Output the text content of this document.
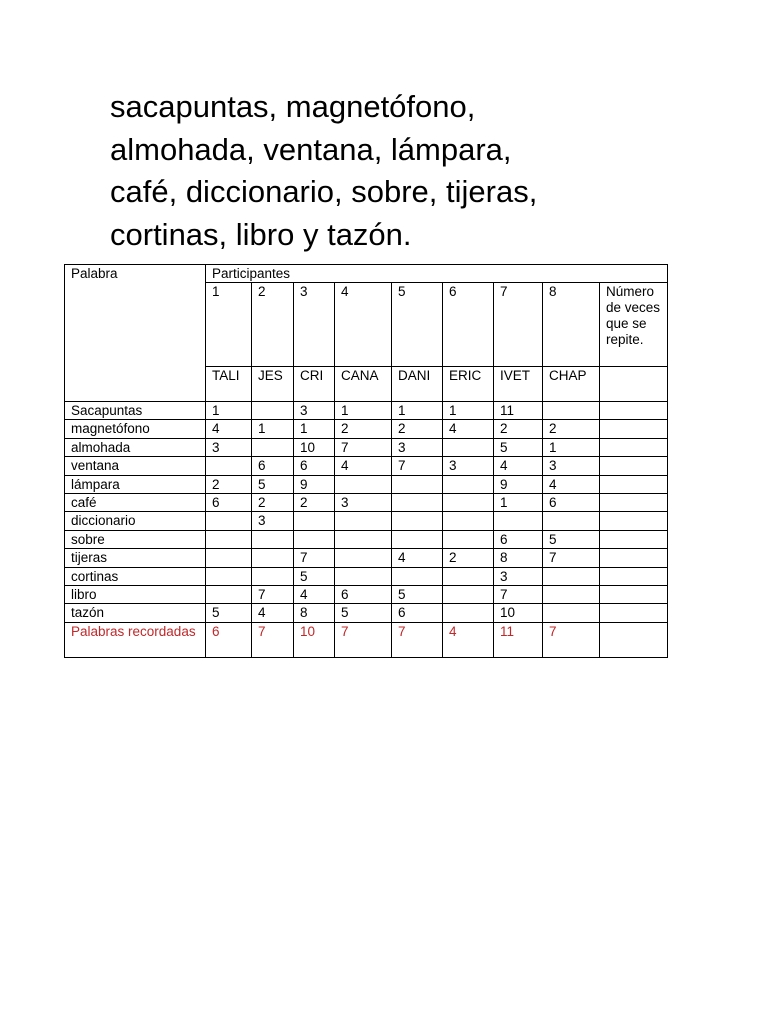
sacapuntas, magnetófono,
almohada, ventana, lámpara,
café, diccionario, sobre, tijeras,
cortinas, libro y tazón.
Palabra	Participantes								
	1	2	3	4	5	6	7	8	Número de veces que se repite.
	TALI	JES	CRI	CANA	DANI	ERIC	IVET	CHAP	
Sacapuntas	1		3	1	1	1	11		
magnetófono	4	1	1	2	2	4	2	2	
almohada	3		10	7	3		5	1	
ventana		6	6	4	7	3	4	3	
lámpara	2	5	9				9	4	
café	6	2	2	3			1	6	
diccionario		3							
sobre							6	5	
tijeras			7		4	2	8	7	
cortinas			5				3		
libro		7	4	6	5		7		
tazón	5	4	8	5	6		10		
Palabras recordadas	6	7	10	7	7	4	11	7	
